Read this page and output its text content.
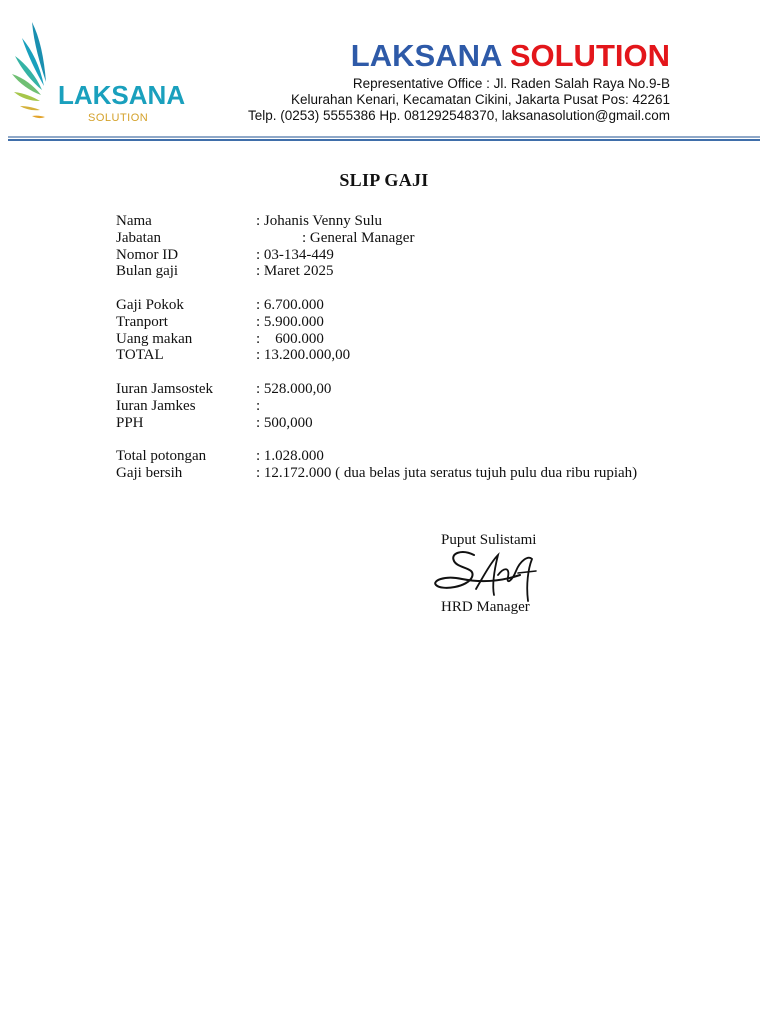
LAKSANA
SOLUTION
LAKSANA SOLUTION
Representative Office : Jl. Raden Salah Raya No.9-B
Kelurahan Kenari, Kecamatan Cikini, Jakarta Pusat Pos: 42261
Telp. (0253) 5555386 Hp. 081292548370, laksanasolution@gmail.com
SLIP GAJI
Nama	: Johanis Venny Sulu
Jabatan	: General Manager
Nomor ID	: 03-134-449
Bulan gaji	: Maret 2025
Gaji Pokok	: 6.700.000
Tranport	: 5.900.000
Uang makan	:    600.000
TOTAL	: 13.200.000,00
Iuran Jamsostek	: 528.000,00
Iuran Jamkes	:
PPH	: 500,000
Total potongan	: 1.028.000
Gaji bersih	: 12.172.000 ( dua belas juta seratus tujuh pulu dua ribu rupiah)
Puput Sulistami
HRD Manager
